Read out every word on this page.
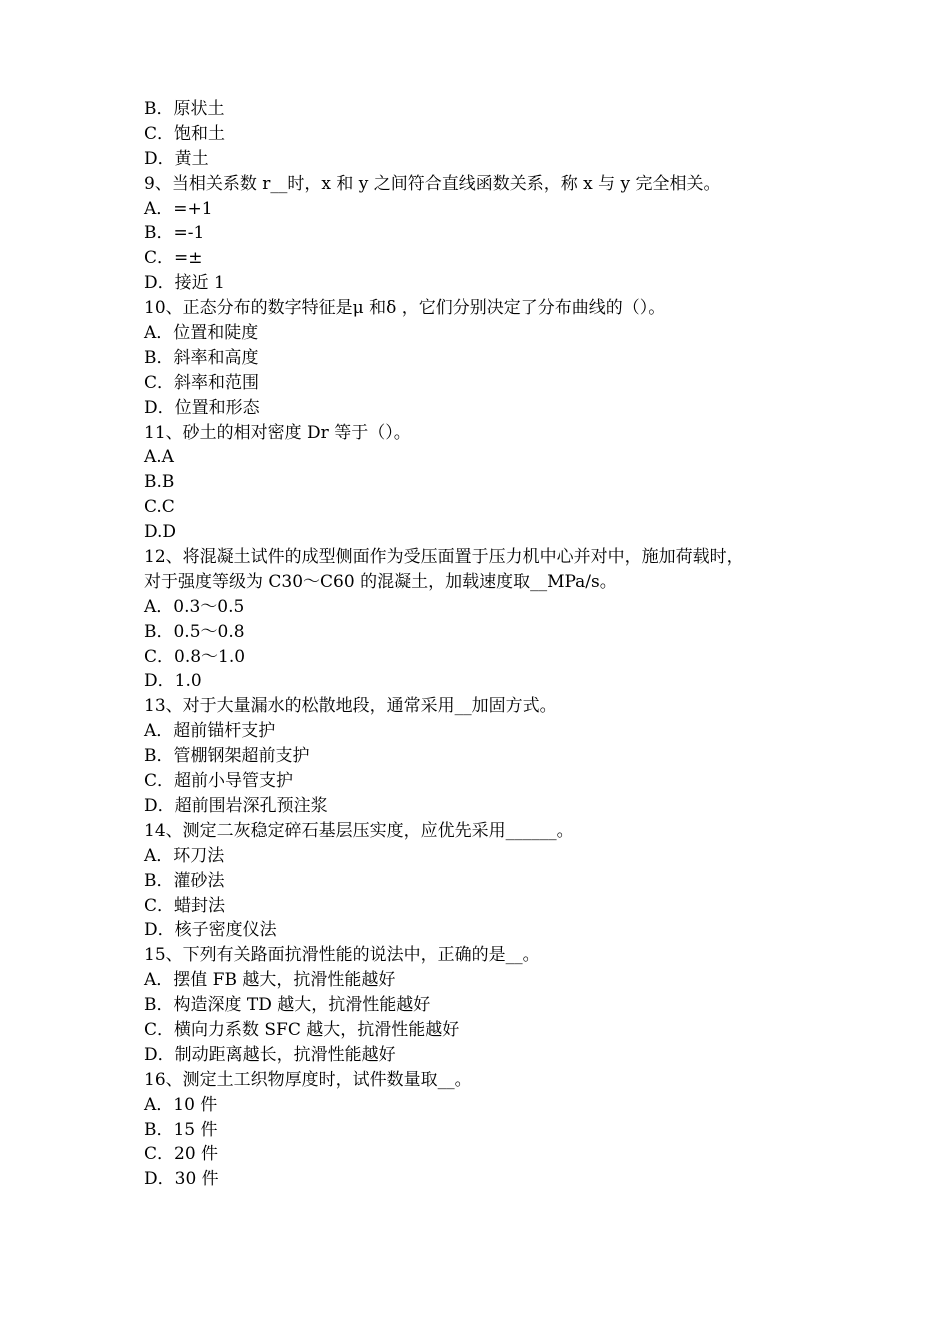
B．原状土
C．饱和土
D．黄土
9、当相关系数 r__时，x 和 y 之间符合直线函数关系，称 x 与 y 完全相关。
A．=+1
B．=-1
C．=±
D．接近 1
10、正态分布的数字特征是μ 和δ ，它们分别决定了分布曲线的（）。
A．位置和陡度
B．斜率和高度
C．斜率和范围
D．位置和形态
11、砂土的相对密度 Dr 等于（）。
A.A
B.B
C.C
D.D
12、将混凝土试件的成型侧面作为受压面置于压力机中心并对中，施加荷载时，
对于强度等级为 C30～C60 的混凝土，加载速度取__MPa/s。
A．0.3～0.5
B．0.5～0.8
C．0.8～1.0
D．1.0
13、对于大量漏水的松散地段，通常采用__加固方式。
A．超前锚杆支护
B．管棚钢架超前支护
C．超前小导管支护
D．超前围岩深孔预注浆
14、测定二灰稳定碎石基层压实度，应优先采用______。
A．环刀法
B．灌砂法
C．蜡封法
D．核子密度仪法
15、下列有关路面抗滑性能的说法中，正确的是__。
A．摆值 FB 越大，抗滑性能越好
B．构造深度 TD 越大，抗滑性能越好
C．横向力系数 SFC 越大，抗滑性能越好
D．制动距离越长，抗滑性能越好
16、测定土工织物厚度时，试件数量取__。
A．10 件
B．15 件
C．20 件
D．30 件
